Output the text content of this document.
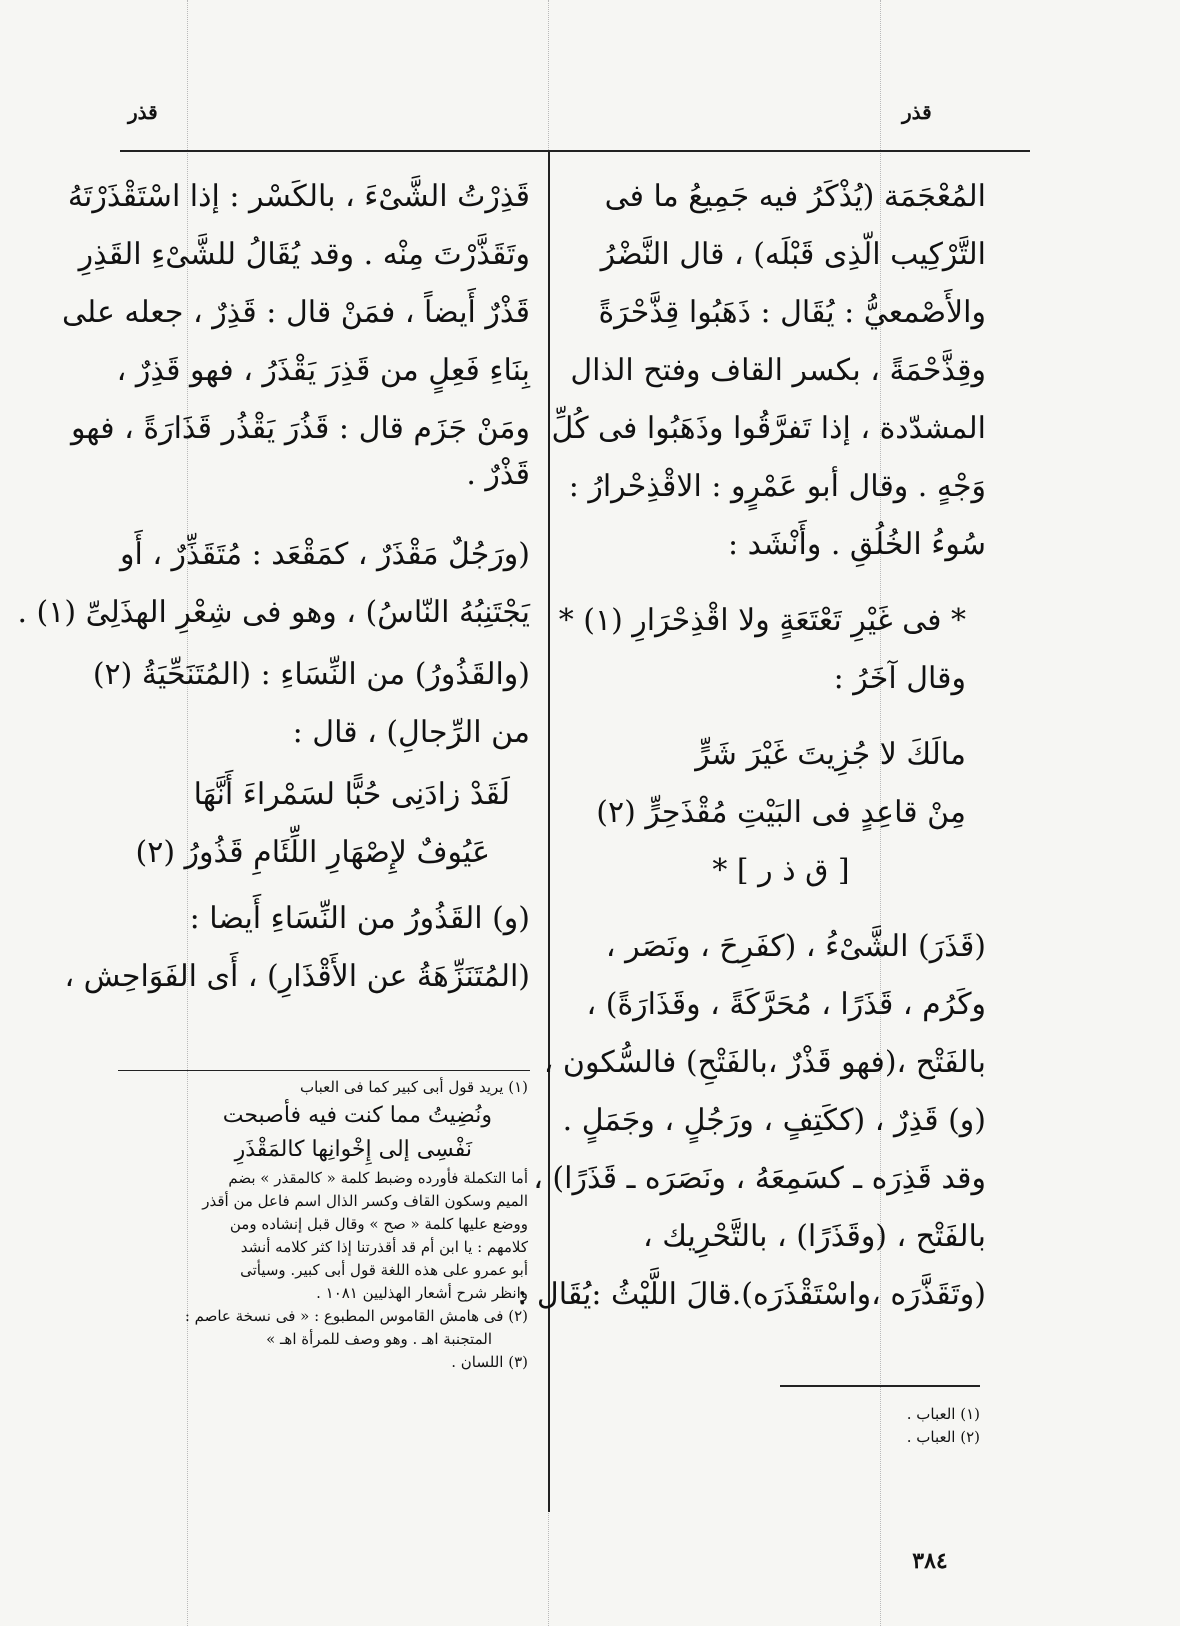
قذر	قذر
المُعْجَمَة (يُذْكَرُ فيه جَمِيعُ ما فى
التَّرْكِيب الّذِى قَبْلَه) ، قال النَّضْرُ
والأَصْمعيُّ : يُقَال : ذَهَبُوا قِذَّحْرَةً
وقِذَّحْمَةً ، بكسر القاف وفتح الذال
المشدّدة ، إذا تَفرَّقُوا وذَهَبُوا فى كُلِّ
وَجْهٍ . وقال أبو عَمْرٍو : الاقْذِحْرارُ :
سُوءُ الخُلُقِ . وأَنْشَد :
* فى غَيْرِ تَعْتَعَةٍ ولا اقْذِحْرَارِ (١) *
وقال آخَرُ :
مالَكَ لا جُزِيتَ غَيْرَ شَرٍّ
مِنْ قاعِدٍ فى البَيْتِ مُقْذَحِرٍّ (٢)
[ ق ذ ر ] *
(قَذَرَ) الشَّىْءُ ، (كفَرِحَ ، ونَصَر ،
وكَرُم ، قَذَرًا ، مُحَرَّكَةً ، وقَذَارَةً) ،
بالفَتْح ،(فهو قَذْرٌ ،بالفَتْحِ) فالسُّكون ،
(و) قَذِرٌ ، (ككَتِفٍ ، ورَجُلٍ ، وجَمَلٍ .
وقد قَذِرَه ـ كسَمِعَهُ ، ونَصَرَه ـ قَذَرًا) ،
بالفَتْح ، (وقَذَرًا) ، بالتَّحْرِيك ،
(وتَقَذَّرَه ،واسْتَقْذَرَه).قالَ اللَّيْثُ :يُقَال :
(١) العباب .
(٢) العباب .
قَذِرْتُ الشَّىْءَ ، بالكَسْر : إذا اسْتَقْذَرْتَهُ
وتَقَذَّرْتَ مِنْه . وقد يُقَالُ للشَّىْءِ القَذِرِ
قَذْرٌ أَيضاً ، فمَنْ قال : قَذِرٌ ، جعله على
بِنَاءِ فَعِلٍ من قَذِرَ يَقْذَرُ ، فهو قَذِرٌ ،
ومَنْ جَزَم قال : قَذُرَ يَقْذُر قَذَارَةً ، فهو
قَذْرٌ .
(ورَجُلٌ مَقْذَرٌ ، كمَقْعَد : مُتَقَذِّرٌ ، أَو
يَجْتَنِبُهُ النّاسُ) ، وهو فى شِعْرِ الهذَلِىِّ (١) .
(والقَذُورُ) من النِّسَاءِ : (المُتَنَحِّيَةُ (٢)
من الرِّجالِ) ، قال :
لَقَدْ زادَنِى حُبًّا لسَمْراءَ أَنَّهَا
عَيُوفٌ لإِصْهَارِ اللِّئَامِ قَذُورُ (٢)
(و) القَذُورُ من النِّسَاءِ أَيضا :
(المُتَنَزِّهَةُ عن الأَقْذَارِ) ، أَى الفَوَاحِش ،
(١) يريد قول أبى كبير كما فى العباب
ونُضِيتُ مما كنت فيه فأصبحت
نَفْسِى إلى إِخْوانِها كالمَقْذَرِ
أما التكملة فأورده وضبط كلمة « كالمقذر » بضم
الميم وسكون القاف وكسر الذال اسم فاعل من أقذر
ووضع عليها كلمة « صح » وقال قبل إنشاده ومن
كلامهم : يا ابن أم قد أقذرتنا إذا كثر كلامه أنشد
أبو عمرو على هذه اللغة قول أبى كبير. وسيأتى
وانظر شرح أشعار الهذليين ١٠٨١ .
(٢) فى هامش القاموس المطبوع : « فى نسخة عاصم :
المتجنبة اهـ . وهو وصف للمرأة اهـ »
(٣) اللسان .
٣٨٤
